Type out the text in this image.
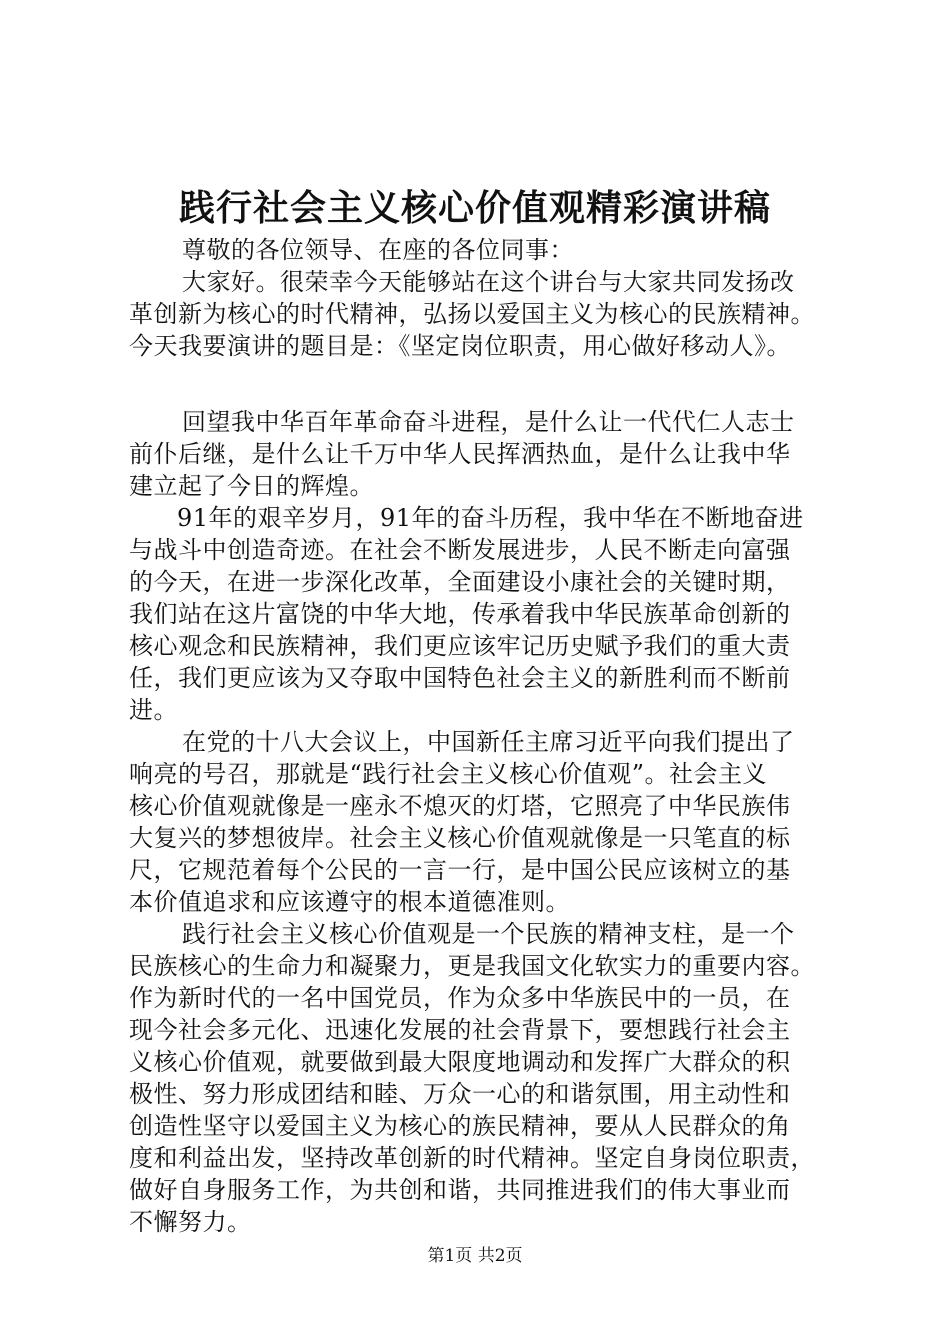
践行社会主义核心价值观精彩演讲稿
尊敬的各位领导、在座的各位同事：
大家好。很荣幸今天能够站在这个讲台与大家共同发扬改
革创新为核心的时代精神，弘扬以爱国主义为核心的民族精神。
今天我要演讲的题目是：《坚定岗位职责，用心做好移动人》。
回望我中华百年革命奋斗进程，是什么让一代代仁人志士
前仆后继，是什么让千万中华人民挥洒热血，是什么让我中华
建立起了今日的辉煌。
91年的艰辛岁月，91年的奋斗历程，我中华在不断地奋进
与战斗中创造奇迹。在社会不断发展进步，人民不断走向富强
的今天，在进一步深化改革，全面建设小康社会的关键时期，
我们站在这片富饶的中华大地，传承着我中华民族革命创新的
核心观念和民族精神，我们更应该牢记历史赋予我们的重大责
任，我们更应该为又夺取中国特色社会主义的新胜利而不断前
进。
在党的十八大会议上，中国新任主席习近平向我们提出了
响亮的号召，那就是“践行社会主义核心价值观”。社会主义
核心价值观就像是一座永不熄灭的灯塔，它照亮了中华民族伟
大复兴的梦想彼岸。社会主义核心价值观就像是一只笔直的标
尺，它规范着每个公民的一言一行，是中国公民应该树立的基
本价值追求和应该遵守的根本道德准则。
践行社会主义核心价值观是一个民族的精神支柱，是一个
民族核心的生命力和凝聚力，更是我国文化软实力的重要内容。
作为新时代的一名中国党员，作为众多中华族民中的一员，在
现今社会多元化、迅速化发展的社会背景下，要想践行社会主
义核心价值观，就要做到最大限度地调动和发挥广大群众的积
极性、努力形成团结和睦、万众一心的和谐氛围，用主动性和
创造性坚守以爱国主义为核心的族民精神，要从人民群众的角
度和利益出发，坚持改革创新的时代精神。坚定自身岗位职责，
做好自身服务工作，为共创和谐，共同推进我们的伟大事业而
不懈努力。
第1页 共2页
